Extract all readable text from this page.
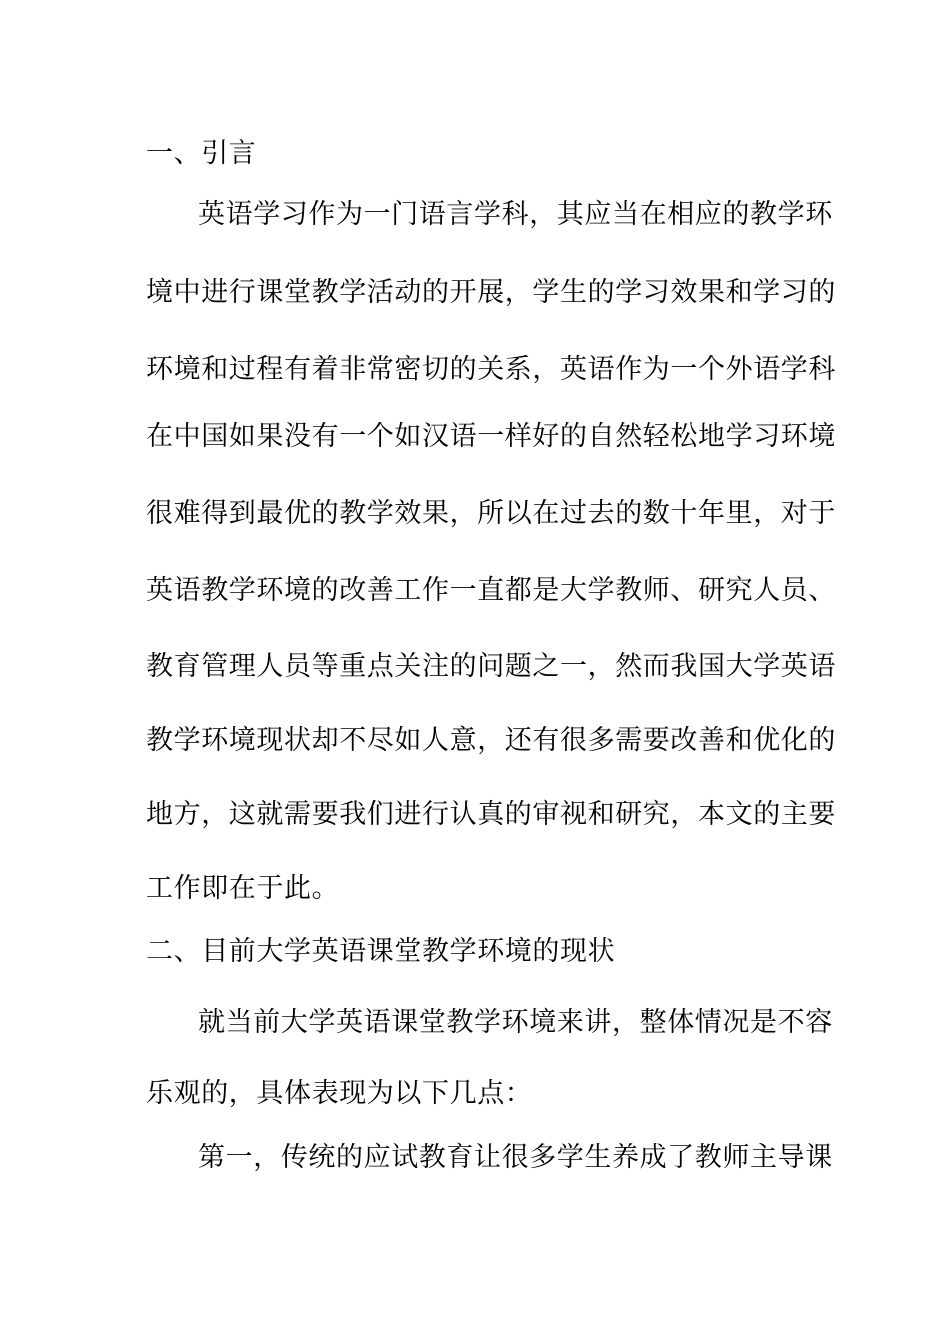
一、引言
英语学习作为一门语言学科，其应当在相应的教学环
境中进行课堂教学活动的开展，学生的学习效果和学习的
环境和过程有着非常密切的关系，英语作为一个外语学科
在中国如果没有一个如汉语一样好的自然轻松地学习环境
很难得到最优的教学效果，所以在过去的数十年里，对于
英语教学环境的改善工作一直都是大学教师、研究人员、
教育管理人员等重点关注的问题之一，然而我国大学英语
教学环境现状却不尽如人意，还有很多需要改善和优化的
地方，这就需要我们进行认真的审视和研究，本文的主要
工作即在于此。
二、目前大学英语课堂教学环境的现状
就当前大学英语课堂教学环境来讲，整体情况是不容
乐观的，具体表现为以下几点：
第一，传统的应试教育让很多学生养成了教师主导课
